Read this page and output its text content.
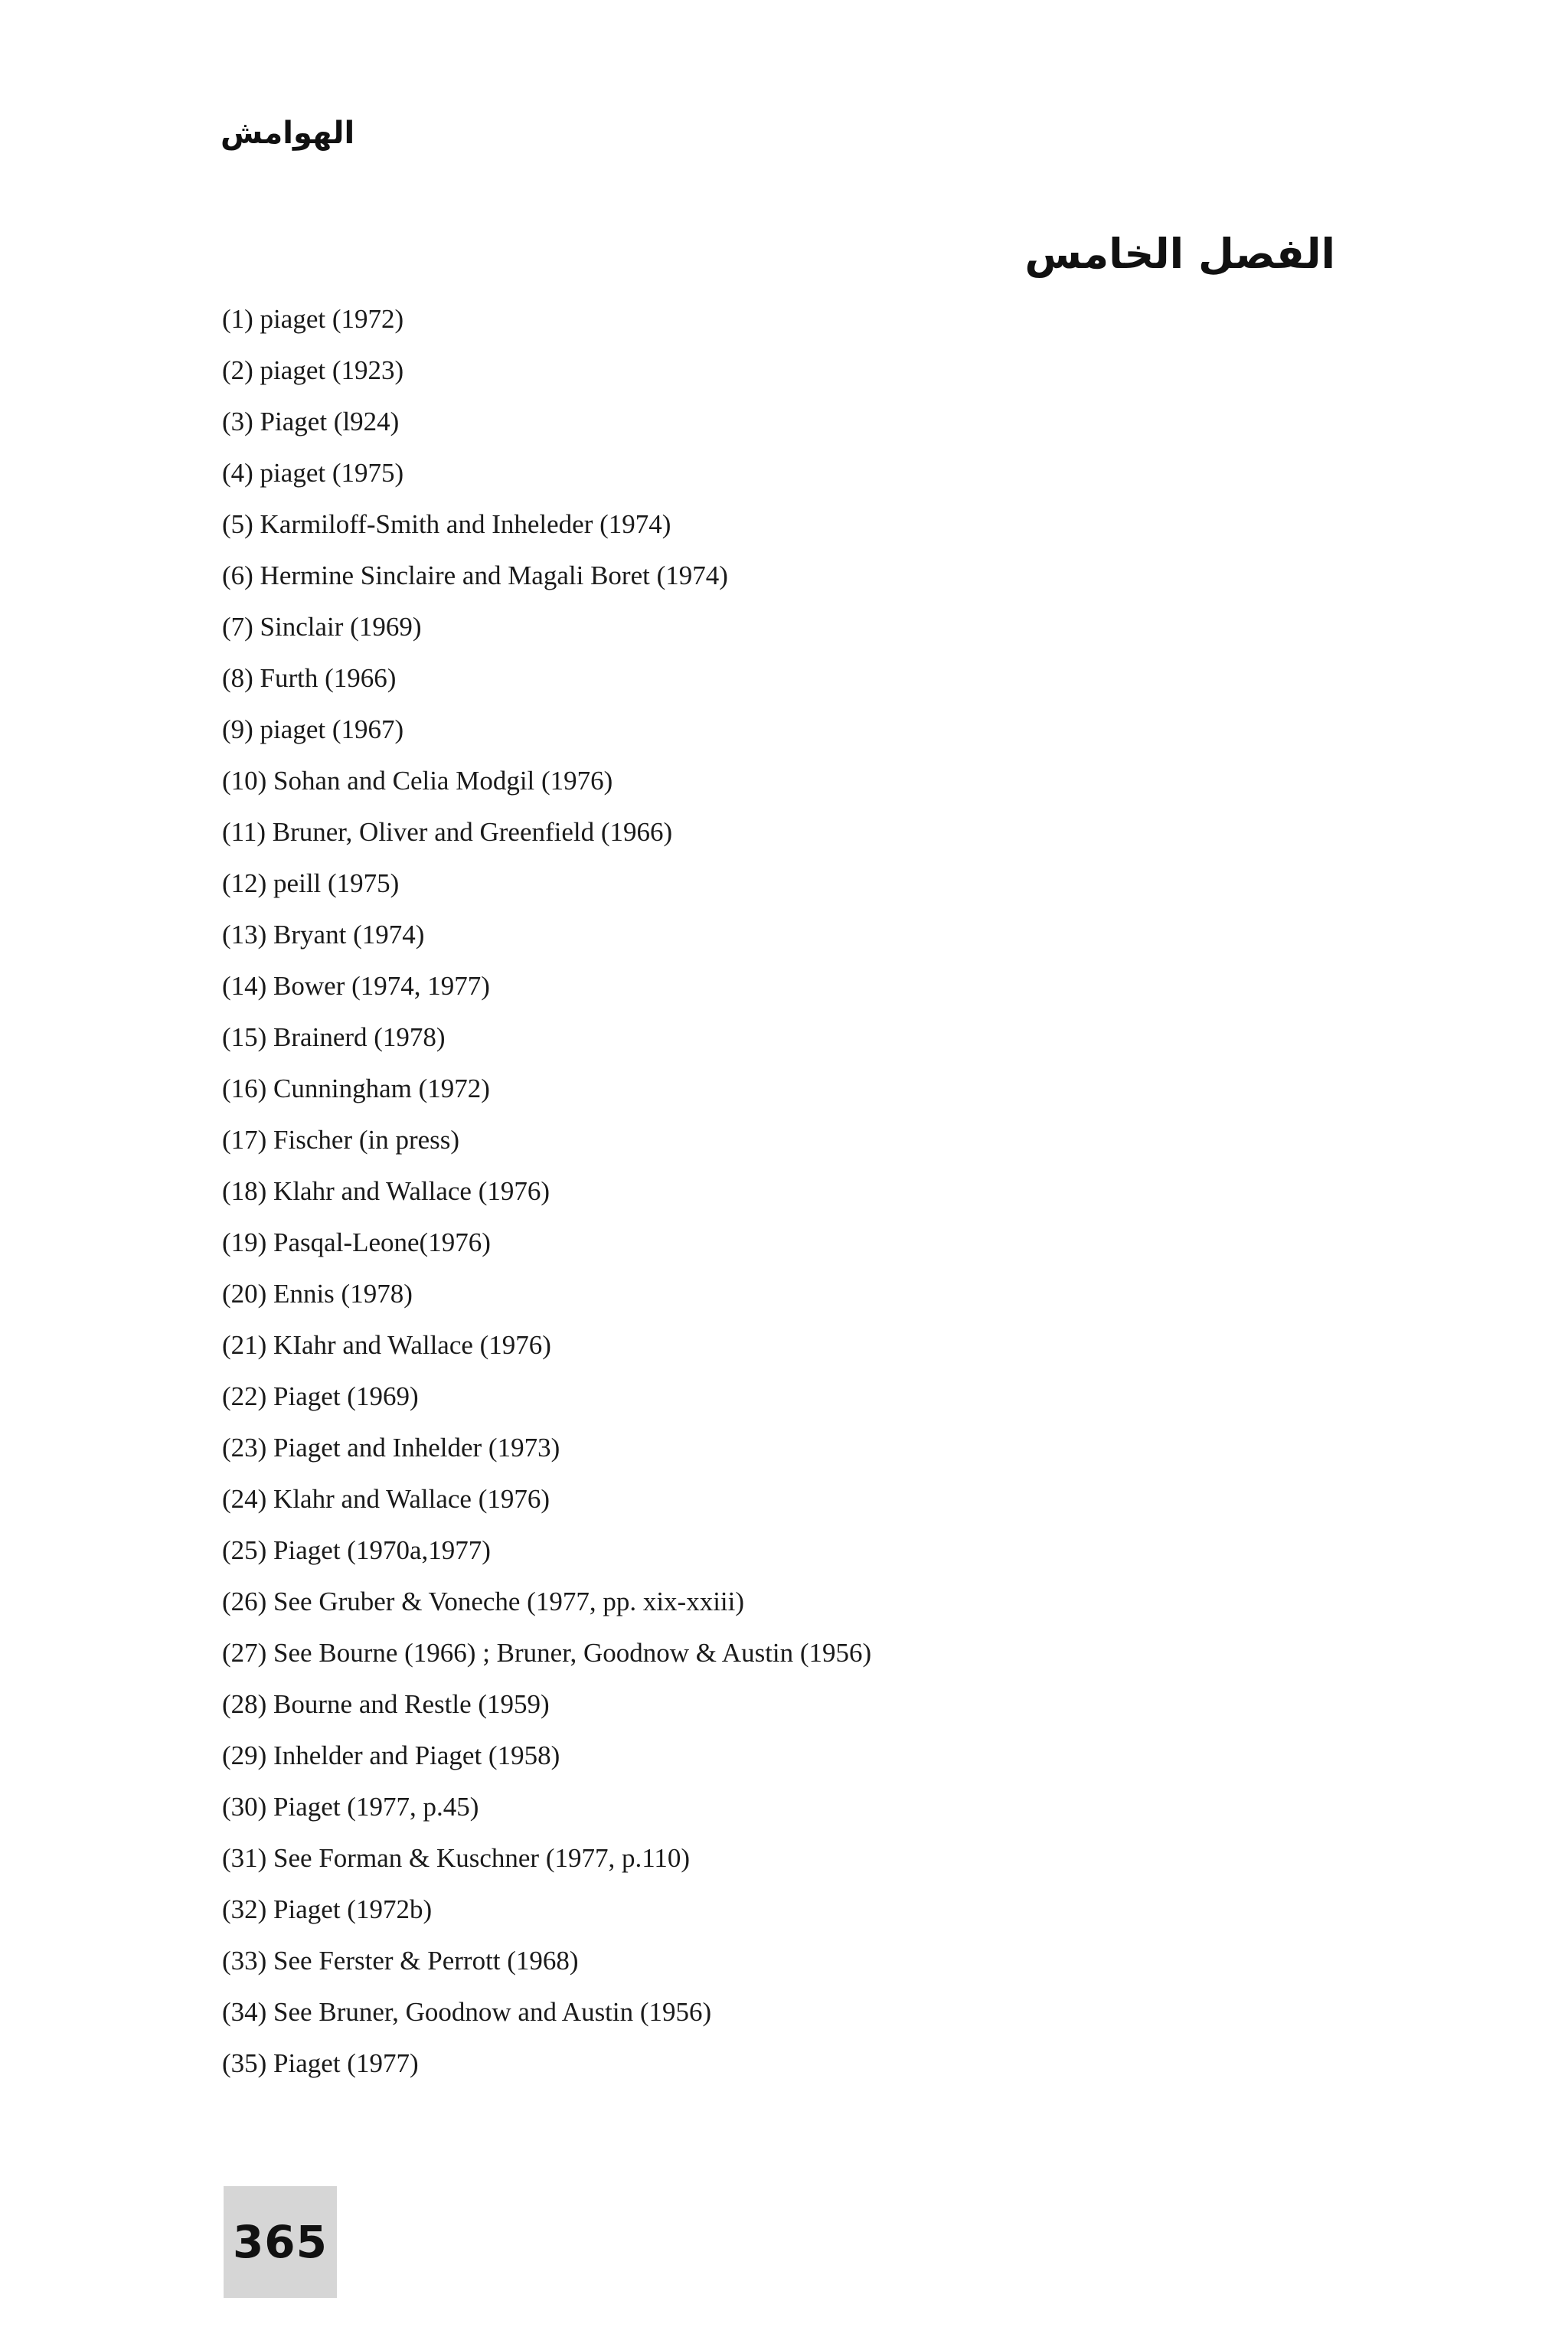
الهوامش
الفصل الخامس
(1) piaget (1972)
(2) piaget (1923)
(3) Piaget (l924)
(4) piaget (1975)
(5) Karmiloff-Smith and Inheleder (1974)
(6) Hermine Sinclaire and Magali Boret (1974)
(7) Sinclair (1969)
(8) Furth (1966)
(9) piaget (1967)
(10) Sohan and Celia Modgil (1976)
(11) Bruner, Oliver and Greenfield (1966)
(12) peill (1975)
(13) Bryant (1974)
(14) Bower (1974, 1977)
(15) Brainerd (1978)
(16) Cunningham (1972)
(17) Fischer (in press)
(18) Klahr and Wallace (1976)
(19) Pasqal-Leone(1976)
(20) Ennis (1978)
(21) KIahr and Wallace (1976)
(22) Piaget (1969)
(23) Piaget and Inhelder (1973)
(24) Klahr and Wallace (1976)
(25) Piaget (1970a,1977)
(26) See Gruber & Voneche (1977, pp. xix-xxiii)
(27) See Bourne (1966) ; Bruner, Goodnow & Austin (1956)
(28) Bourne and Restle (1959)
(29) Inhelder and Piaget (1958)
(30) Piaget (1977, p.45)
(31) See Forman & Kuschner (1977, p.110)
(32) Piaget (1972b)
(33) See Ferster & Perrott (1968)
(34) See Bruner, Goodnow and Austin (1956)
(35) Piaget (1977)
365
